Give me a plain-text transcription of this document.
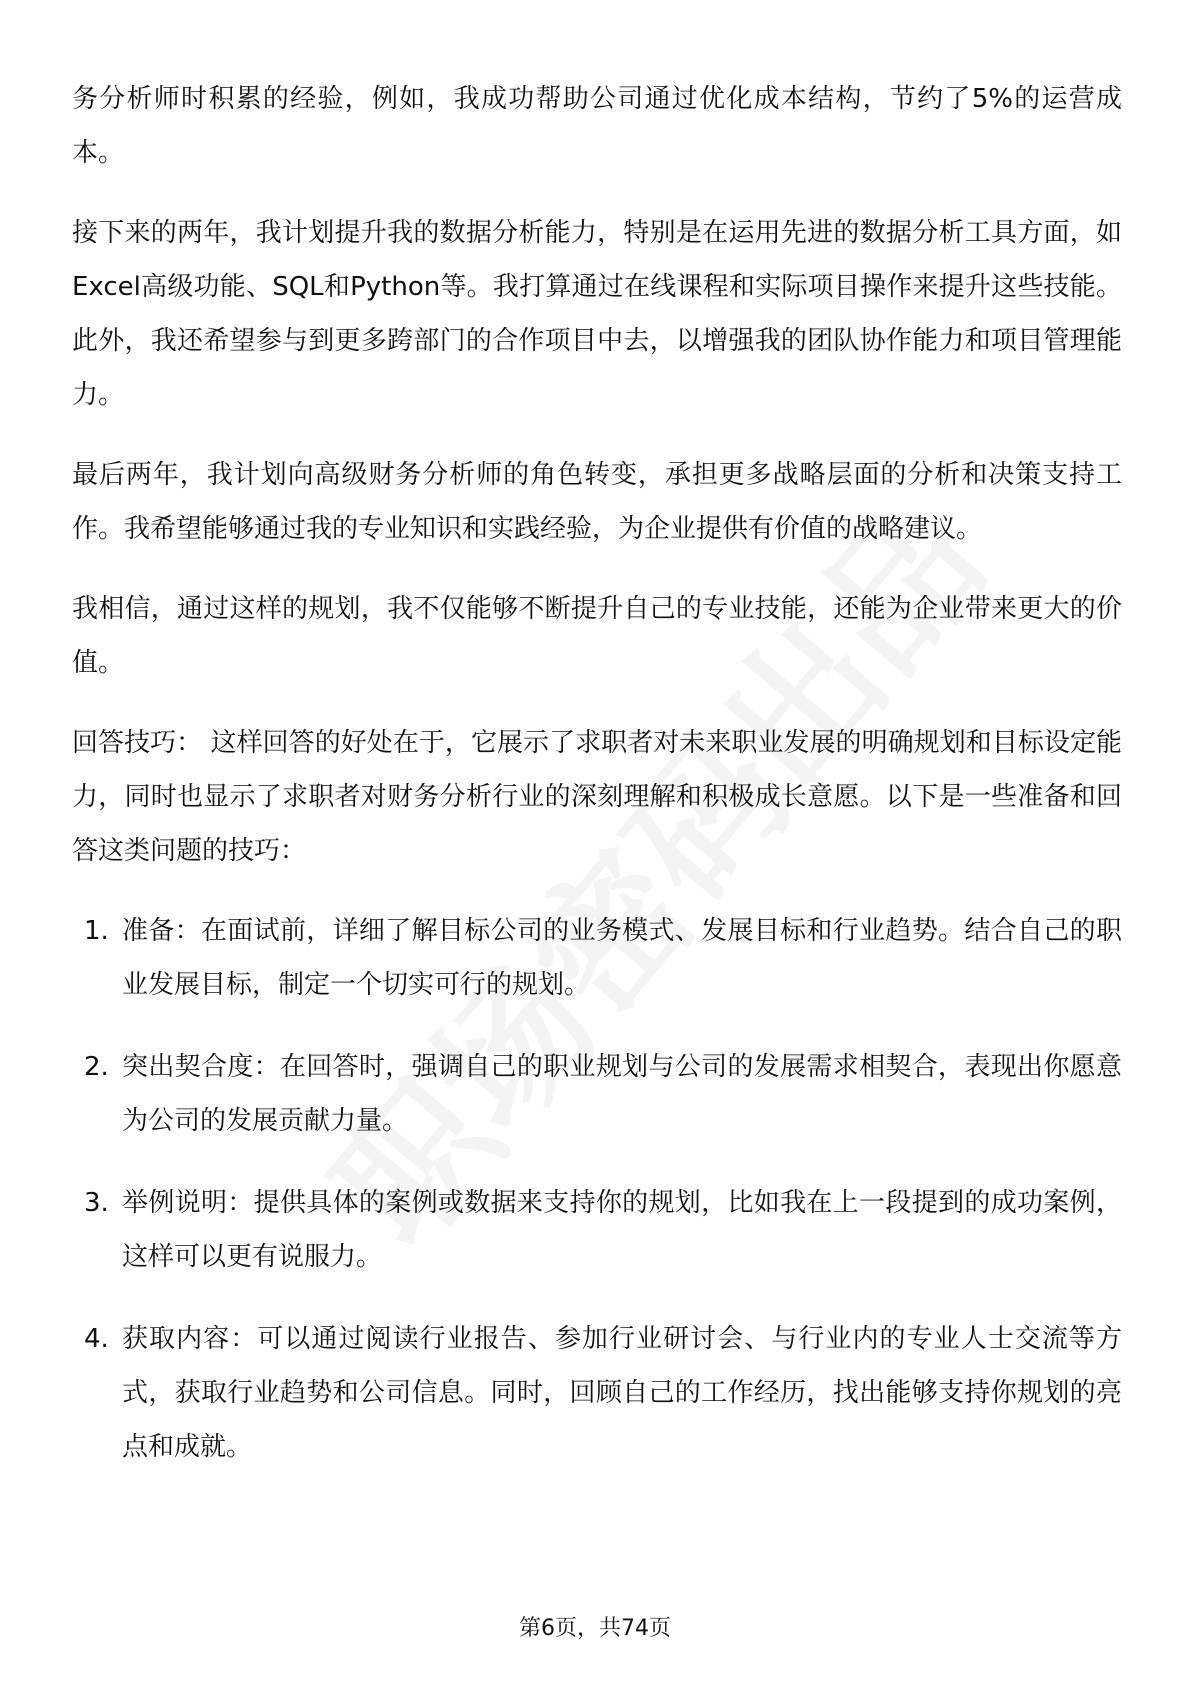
务分析师时积累的经验，例如，我成功帮助公司通过优化成本结构，节约了5%的运营成本。

接下来的两年，我计划提升我的数据分析能力，特别是在运用先进的数据分析工具方面，如Excel高级功能、SQL和Python等。我打算通过在线课程和实际项目操作来提升这些技能。此外，我还希望参与到更多跨部门的合作项目中去，以增强我的团队协作能力和项目管理能力。

最后两年，我计划向高级财务分析师的角色转变，承担更多战略层面的分析和决策支持工作。我希望能够通过我的专业知识和实践经验，为企业提供有价值的战略建议。

我相信，通过这样的规划，我不仅能够不断提升自己的专业技能，还能为企业带来更大的价值。

回答技巧： 这样回答的好处在于，它展示了求职者对未来职业发展的明确规划和目标设定能力，同时也显示了求职者对财务分析行业的深刻理解和积极成长意愿。以下是一些准备和回答这类问题的技巧：

1. 准备：在面试前，详细了解目标公司的业务模式、发展目标和行业趋势。结合自己的职业发展目标，制定一个切实可行的规划。
2. 突出契合度：在回答时，强调自己的职业规划与公司的发展需求相契合，表现出你愿意为公司的发展贡献力量。
3. 举例说明：提供具体的案例或数据来支持你的规划，比如我在上一段提到的成功案例，这样可以更有说服力。
4. 获取内容：可以通过阅读行业报告、参加行业研讨会、与行业内的专业人士交流等方式，获取行业趋势和公司信息。同时，回顾自己的工作经历，找出能够支持你规划的亮点和成就。
第6页，共74页
